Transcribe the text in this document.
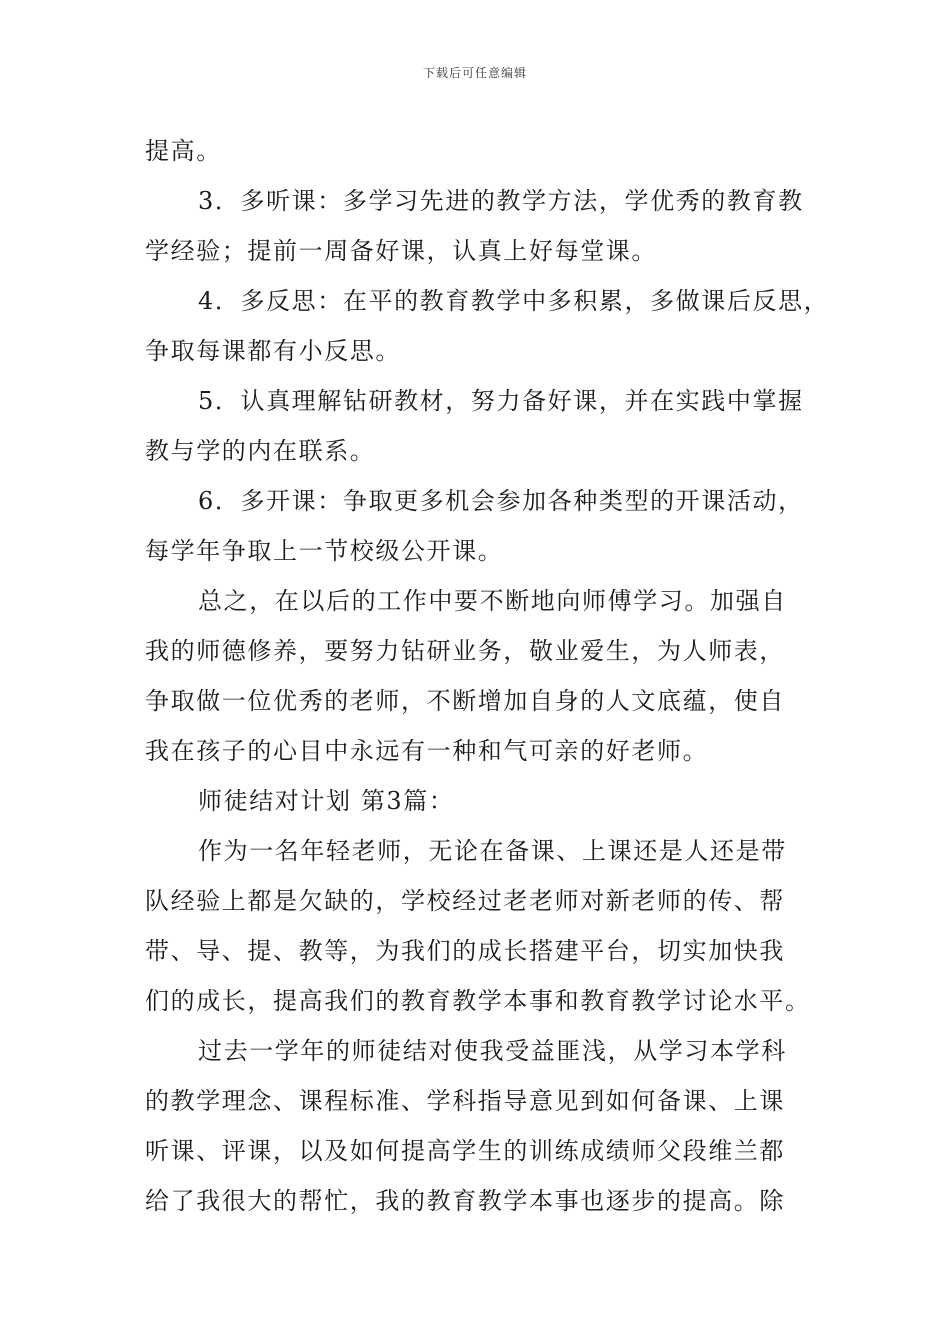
下载后可任意编辑
提高。
3．多听课：多学习先进的教学方法，学优秀的教育教
学经验；提前一周备好课，认真上好每堂课。
4．多反思：在平的教育教学中多积累，多做课后反思，
争取每课都有小反思。
5．认真理解钻研教材，努力备好课，并在实践中掌握
教与学的内在联系。
6．多开课：争取更多机会参加各种类型的开课活动，
每学年争取上一节校级公开课。
总之，在以后的工作中要不断地向师傅学习。加强自
我的师德修养，要努力钻研业务，敬业爱生，为人师表，
争取做一位优秀的老师，不断增加自身的人文底蕴，使自
我在孩子的心目中永远有一种和气可亲的好老师。
师徒结对计划 第3篇：
作为一名年轻老师，无论在备课、上课还是人还是带
队经验上都是欠缺的，学校经过老老师对新老师的传、帮
带、导、提、教等，为我们的成长搭建平台，切实加快我
们的成长，提高我们的教育教学本事和教育教学讨论水平。
过去一学年的师徒结对使我受益匪浅，从学习本学科
的教学理念、课程标准、学科指导意见到如何备课、上课
听课、评课，以及如何提高学生的训练成绩师父段维兰都
给了我很大的帮忙，我的教育教学本事也逐步的提高。除
